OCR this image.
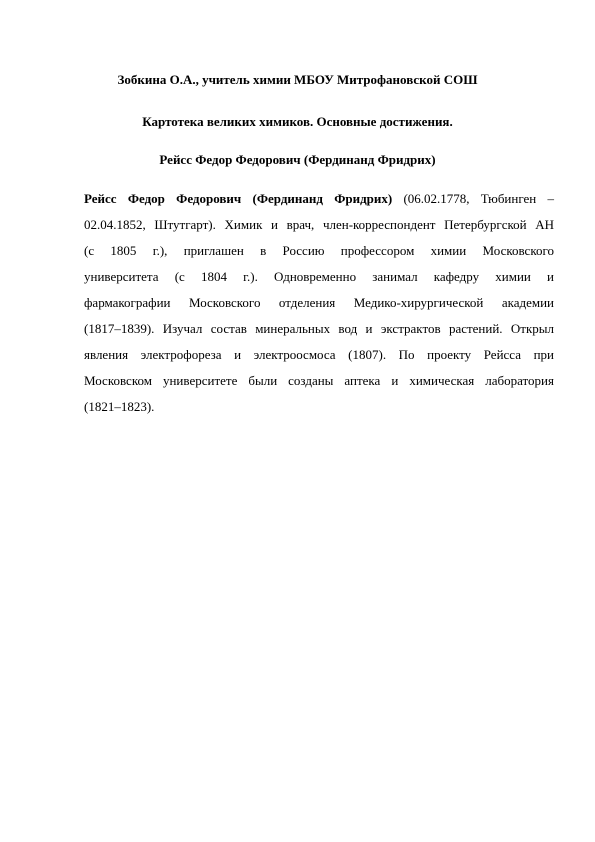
Зобкина О.А., учитель химии МБОУ Митрофановской СОШ
Картотека великих химиков. Основные достижения.
Рейсс Федор Федорович (Фердинанд Фридрих)
Рейсс Федор Федорович (Фердинанд Фридрих) (06.02.1778, Тюбинген –
02.04.1852, Штутгарт). Химик и врач, член-корреспондент Петербургской АН
(с 1805 г.), приглашен в Россию профессором химии Московского
университета (с 1804 г.). Одновременно занимал кафедру химии и
фармакографии Московского отделения Медико-хирургической академии
(1817–1839). Изучал состав минеральных вод и экстрактов растений. Открыл
явления электрофореза и электроосмоса (1807). По проекту Рейсса при
Московском университете были созданы аптека и химическая лаборатория
(1821–1823).
